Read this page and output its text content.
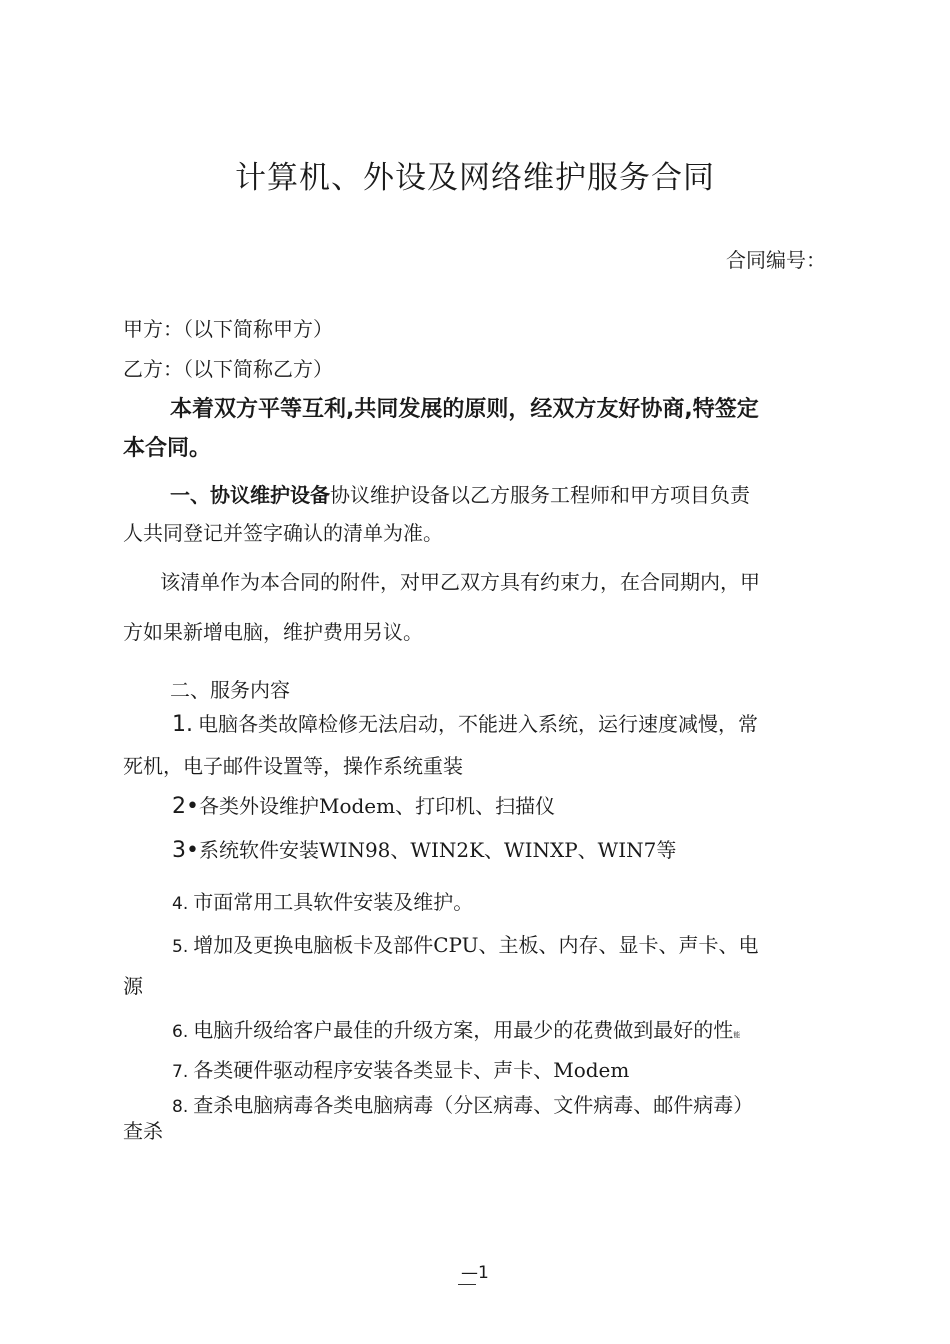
计算机、外设及网络维护服务合同
合同编号：
甲方：（以下简称甲方）
乙方：（以下简称乙方）
本着双方平等互利,共同发展的原则，经双方友好协商,特签定
本合同。
一、协议维护设备协议维护设备以乙方服务工程师和甲方项目负责
人共同登记并签字确认的清单为准。
该清单作为本合同的附件，对甲乙双方具有约束力，在合同期内，甲
方如果新增电脑，维护费用另议。
二、服务内容
1. 电脑各类故障检修无法启动，不能进入系统，运行速度减慢，常
死机，电子邮件设置等，操作系统重装
2•各类外设维护Modem、打印机、扫描仪
3•系统软件安装WIN98、WIN2K、WINXP、WIN7等
4. 市面常用工具软件安装及维护。
5. 增加及更换电脑板卡及部件CPU、主板、内存、显卡、声卡、电
源
6. 电脑升级给客户最佳的升级方案，用最少的花费做到最好的性能
7. 各类硬件驱动程序安装各类显卡、声卡、Modem
8. 查杀电脑病毒各类电脑病毒（分区病毒、文件病毒、邮件病毒）
查杀
—1
